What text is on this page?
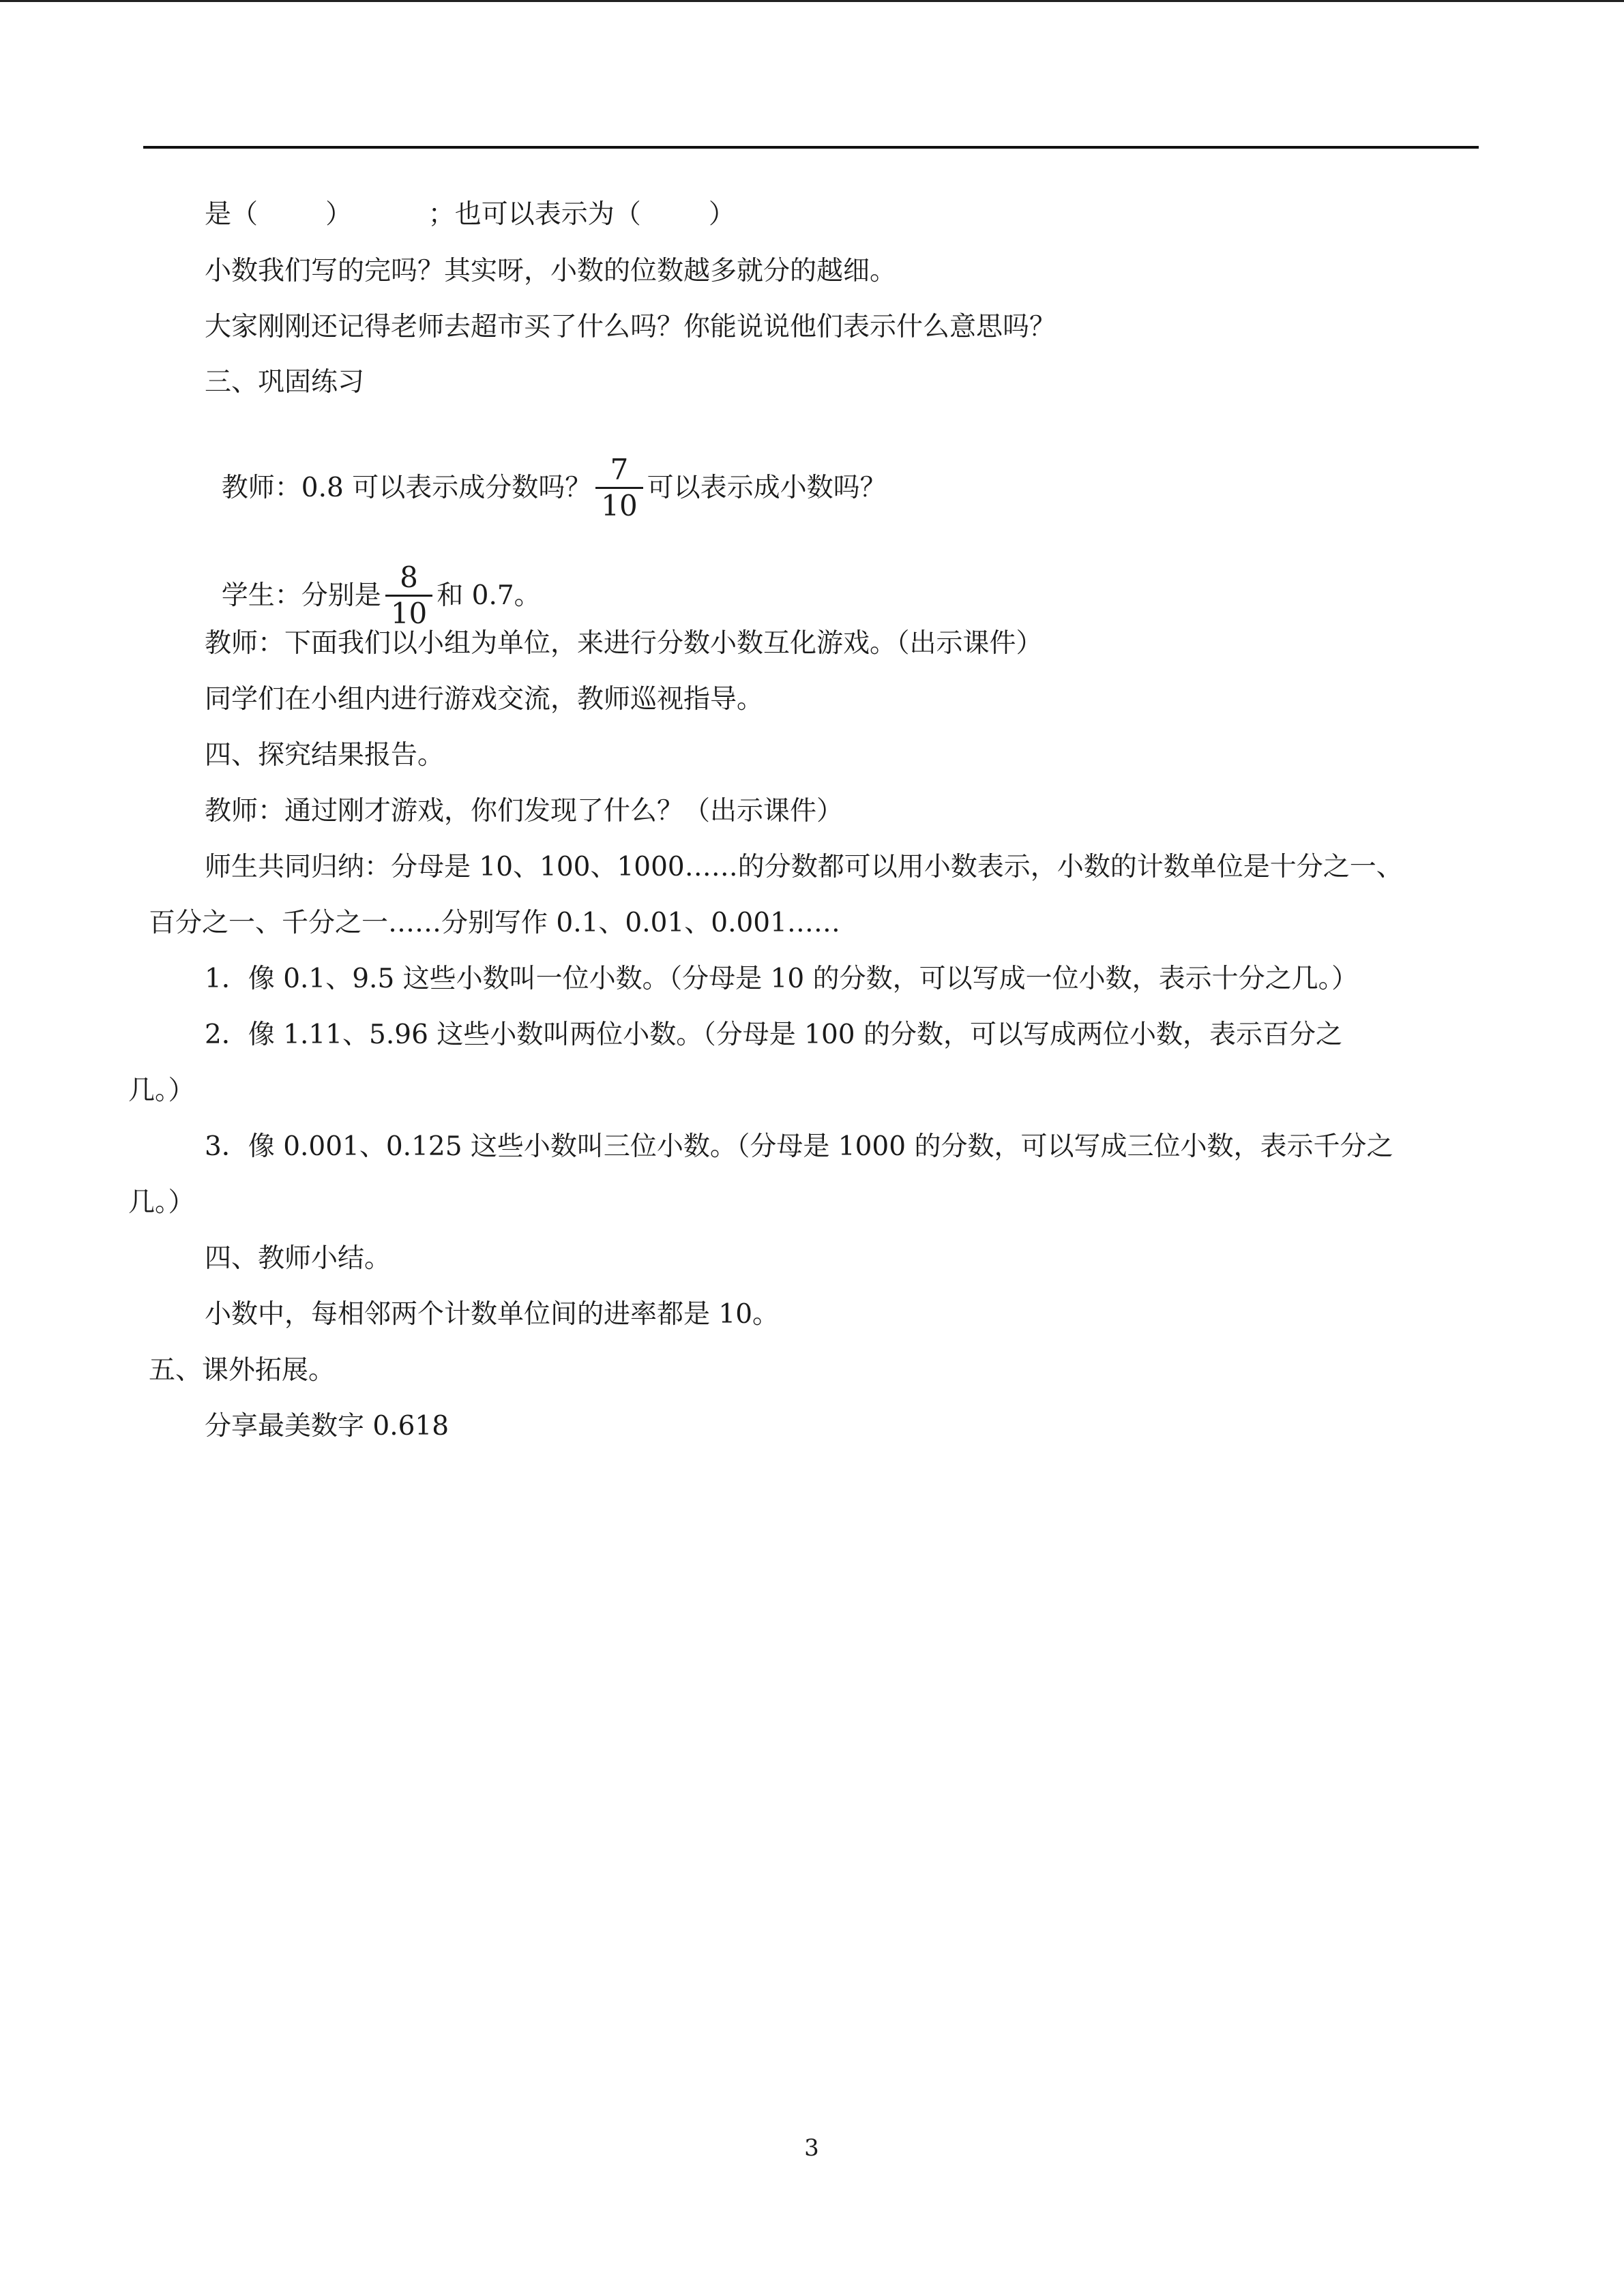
是（        ）         ；也可以表示为（        ）
小数我们写的完吗？其实呀，小数的位数越多就分的越细。
大家刚刚还记得老师去超市买了什么吗？你能说说他们表示什么意思吗？
三、巩固练习

教师：0.8 可以表示成分数吗？ $\frac{7}{10}$ 可以表示成小数吗？

学生：分别是 $\frac{8}{10}$ 和 0.7。

教师：下面我们以小组为单位，来进行分数小数互化游戏。（出示课件）
同学们在小组内进行游戏交流，教师巡视指导。
四、探究结果报告。
教师：通过刚才游戏，你们发现了什么？（出示课件）
师生共同归纳：分母是 10、100、1000……的分数都可以用小数表示，小数的计数单位是十分之一、
百分之一、千分之一……分别写作 0.1、0.01、0.001……
1．像 0.1、9.5 这些小数叫一位小数。（分母是 10 的分数，可以写成一位小数，表示十分之几。）
2．像 1.11、5.96 这些小数叫两位小数。（分母是 100 的分数，可以写成两位小数，表示百分之
几。）
3．像 0.001、0.125 这些小数叫三位小数。（分母是 1000 的分数，可以写成三位小数，表示千分之
几。）
四、教师小结。
小数中，每相邻两个计数单位间的进率都是 10。
五、课外拓展。
分享最美数字 0.618
3
